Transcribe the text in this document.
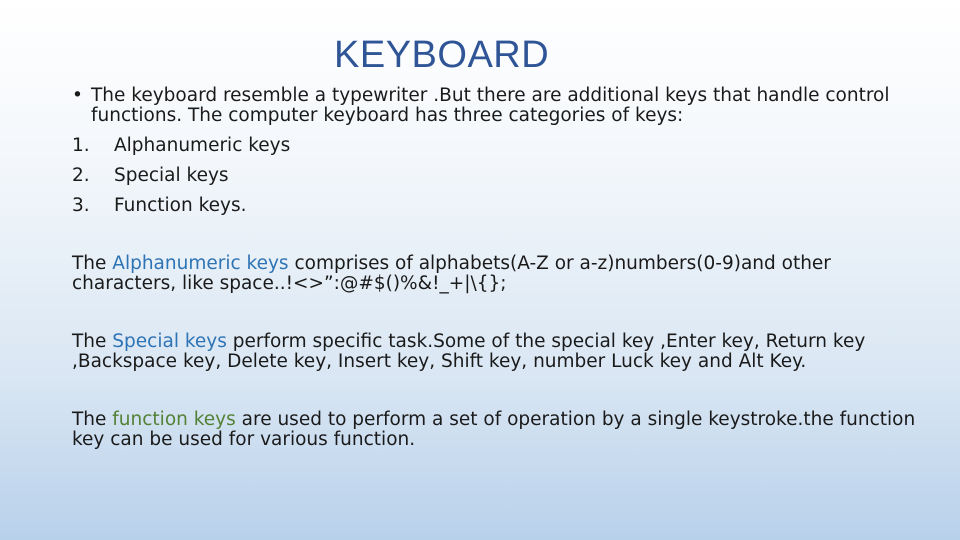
KEYBOARD
• The keyboard resemble a typewriter .But there are additional keys that handle control functions. The computer keyboard has three categories of keys:
1.	Alphanumeric keys
2.	Special keys
3.	Function keys.
The Alphanumeric keys comprises of alphabets(A-Z or a-z)numbers(0-9)and other characters, like space..!<>”:@#$()%&!_+|\{};
The Special keys perform specific task.Some of the special key ,Enter key, Return key ,Backspace key, Delete key, Insert key, Shift key, number Luck key and Alt Key.
The function keys are used to perform a set of operation by a single keystroke.the function key can be used for various function.
